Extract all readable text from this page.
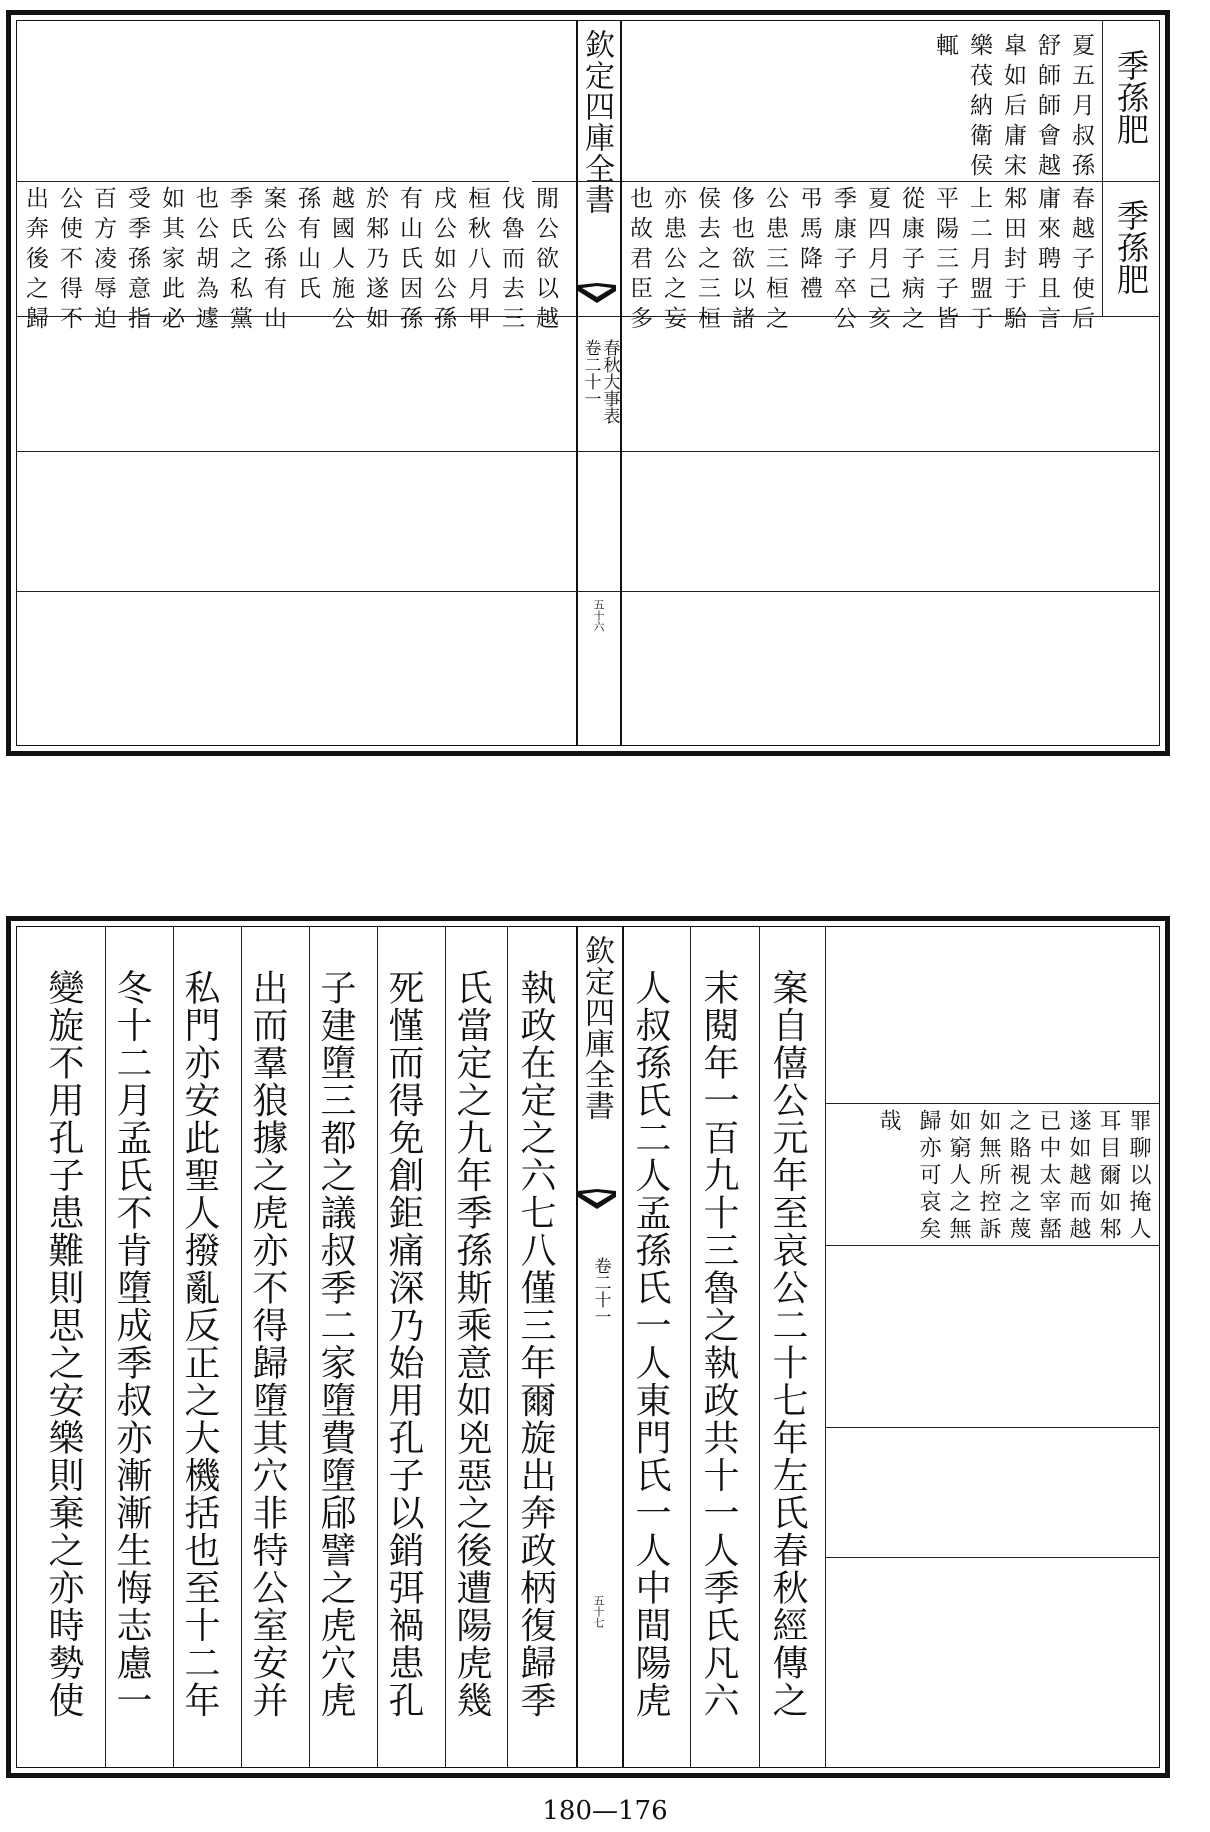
季孫肥
季孫肥
夏五月叔孫
舒師師會越
皐如后庸宋
樂茷納衛侯
輒
春越子使后
庸來聘且言
邾田封于駘
上二月盟于
平陽三子皆
從康子病之
夏四月己亥
季康子卒公
弔馬降禮
公患三桓之
侈也欲以諸
侯去之三桓
亦患公之妄
也故君臣多
欽定四庫全書
春秋大事表
卷二十一
五十六
閒公欲以越
伐魯而去三
桓秋八月甲
戌公如公孫
有山氏因孫
於邾乃遂如
越國人施公
孫有山氏
案公孫有山
季氏之私黨
也公胡為遽
如其家此必
受季孫意指
百方凌辱迫
公使不得不
出奔後之歸
罪聊以掩人
耳目爾如邾
遂如越而越
已中太宰嚭
之賂視之蔑
如無所控訴
如窮人之無
歸亦可哀矣
哉
案自僖公元年至哀公二十七年左氏春秋經傳之
末閱年一百九十三魯之執政共十一人季氏凡六
人叔孫氏二人孟孫氏一人東門氏一人中間陽虎
執政在定之六七八僅三年爾旋出奔政柄復歸季
氏當定之九年季孫斯乘意如兇惡之後遭陽虎幾
死慬而得免創鉅痛深乃始用孔子以銷弭禍患孔
子建墮三都之議叔季二家墮費墮郈譬之虎穴虎
出而羣狼據之虎亦不得歸墮其穴非特公室安并
私門亦安此聖人撥亂反正之大機括也至十二年
冬十二月孟氏不肯墮成季叔亦漸漸生悔志慮一
變旋不用孔子患難則思之安樂則棄之亦時勢使	欽定四庫全書
卷二十一
五十七
180—176
